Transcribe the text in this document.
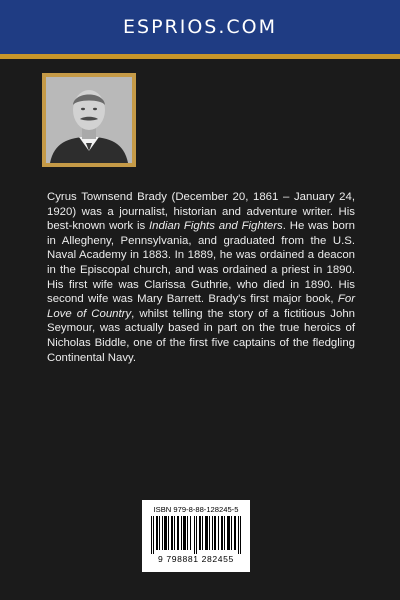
ESPRIOS.COM

Cyrus Townsend Brady (December 20, 1861 – January 24, 1920) was a journalist, historian and adventure writer. His best-known work is Indian Fights and Fighters. He was born in Allegheny, Pennsylvania, and graduated from the U.S. Naval Academy in 1883. In 1889, he was ordained a deacon in the Episcopal church, and was ordained a priest in 1890. His first wife was Clarissa Guthrie, who died in 1890. His second wife was Mary Barrett. Brady's first major book, For Love of Country, whilst telling the story of a fictitious John Seymour, was actually based in part on the true heroics of Nicholas Biddle, one of the first five captains of the fledgling Continental Navy.

ISBN 979-8-88-128245-5
9 798881 282455
